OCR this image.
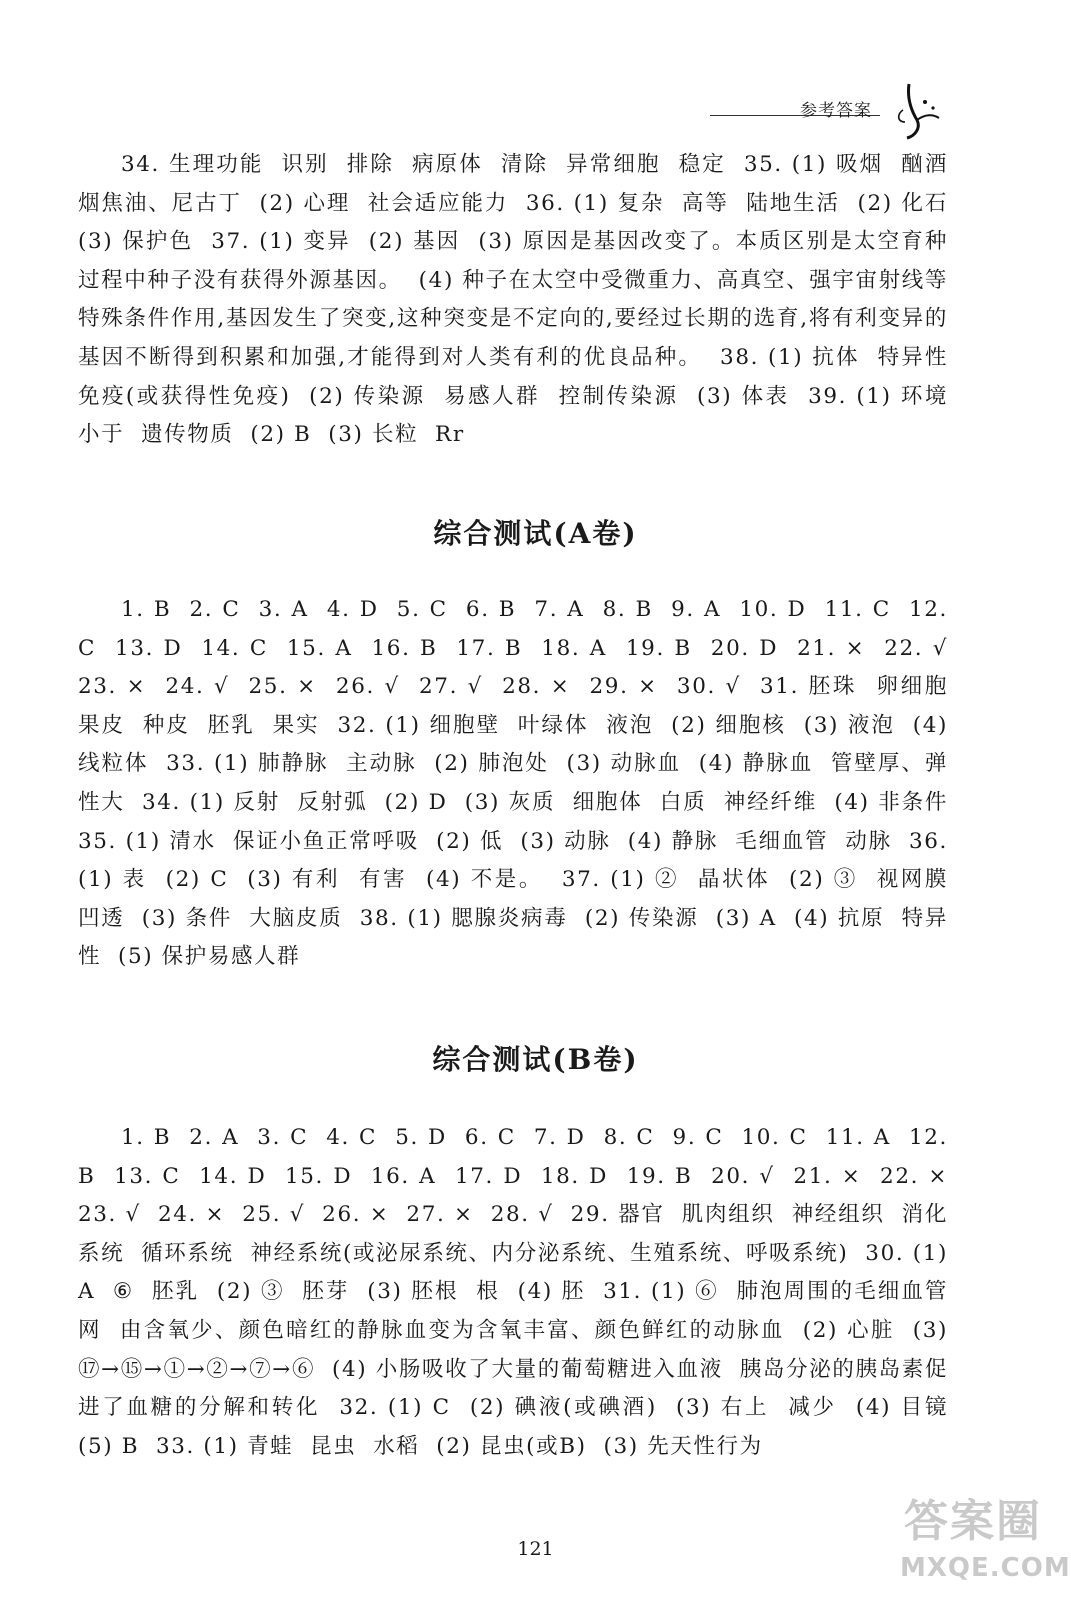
参考答案

34. 生理功能  识别  排除  病原体  清除  异常细胞  稳定  35. (1) 吸烟  酗酒  烟焦油、尼古丁  (2) 心理  社会适应能力  36. (1) 复杂  高等  陆地生活  (2) 化石  (3) 保护色  37. (1) 变异  (2) 基因  (3) 原因是基因改变了。本质区别是太空育种过程中种子没有获得外源基因。  (4) 种子在太空中受微重力、高真空、强宇宙射线等特殊条件作用,基因发生了突变,这种突变是不定向的,要经过长期的选育,将有利变异的基因不断得到积累和加强,才能得到对人类有利的优良品种。  38. (1) 抗体  特异性免疫(或获得性免疫)  (2) 传染源  易感人群  控制传染源  (3) 体表  39. (1) 环境  小于  遗传物质  (2) B  (3) 长粒  Rr

综合测试(A卷)

1. B  2. C  3. A  4. D  5. C  6. B  7. A  8. B  9. A  10. D  11. C  12. C  13. D  14. C  15. A  16. B  17. B  18. A  19. B  20. D  21. ×  22. √  23. ×  24. √  25. ×  26. √  27. √  28. ×  29. ×  30. √  31. 胚珠  卵细胞  果皮  种皮  胚乳  果实  32. (1) 细胞壁  叶绿体  液泡  (2) 细胞核  (3) 液泡  (4) 线粒体  33. (1) 肺静脉  主动脉  (2) 肺泡处  (3) 动脉血  (4) 静脉血  管壁厚、弹性大  34. (1) 反射  反射弧  (2) D  (3) 灰质  细胞体  白质  神经纤维  (4) 非条件  35. (1) 清水  保证小鱼正常呼吸  (2) 低  (3) 动脉  (4) 静脉  毛细血管  动脉  36. (1) 表  (2) C  (3) 有利  有害  (4) 不是。  37. (1) ②  晶状体  (2) ③  视网膜  凹透  (3) 条件  大脑皮质  38. (1) 腮腺炎病毒  (2) 传染源  (3) A  (4) 抗原  特异性  (5) 保护易感人群

综合测试(B卷)

1. B  2. A  3. C  4. C  5. D  6. C  7. D  8. C  9. C  10. C  11. A  12. B  13. C  14. D  15. D  16. A  17. D  18. D  19. B  20. √  21. ×  22. ×  23. √  24. ×  25. √  26. ×  27. ×  28. √  29. 器官  肌肉组织  神经组织  消化系统  循环系统  神经系统(或泌尿系统、内分泌系统、生殖系统、呼吸系统)  30. (1) A  ⑥  胚乳  (2) ③  胚芽  (3) 胚根  根  (4) 胚  31. (1) ⑥  肺泡周围的毛细血管网  由含氧少、颜色暗红的静脉血变为含氧丰富、颜色鲜红的动脉血  (2) 心脏  (3) ⑰→⑮→①→②→⑦→⑥  (4) 小肠吸收了大量的葡萄糖进入血液  胰岛分泌的胰岛素促进了血糖的分解和转化  32. (1) C  (2) 碘液(或碘酒)  (3) 右上  减少  (4) 目镜  (5) B  33. (1) 青蛙  昆虫  水稻  (2) 昆虫(或B)  (3) 先天性行为

121
答案圈
MXQE.COM
